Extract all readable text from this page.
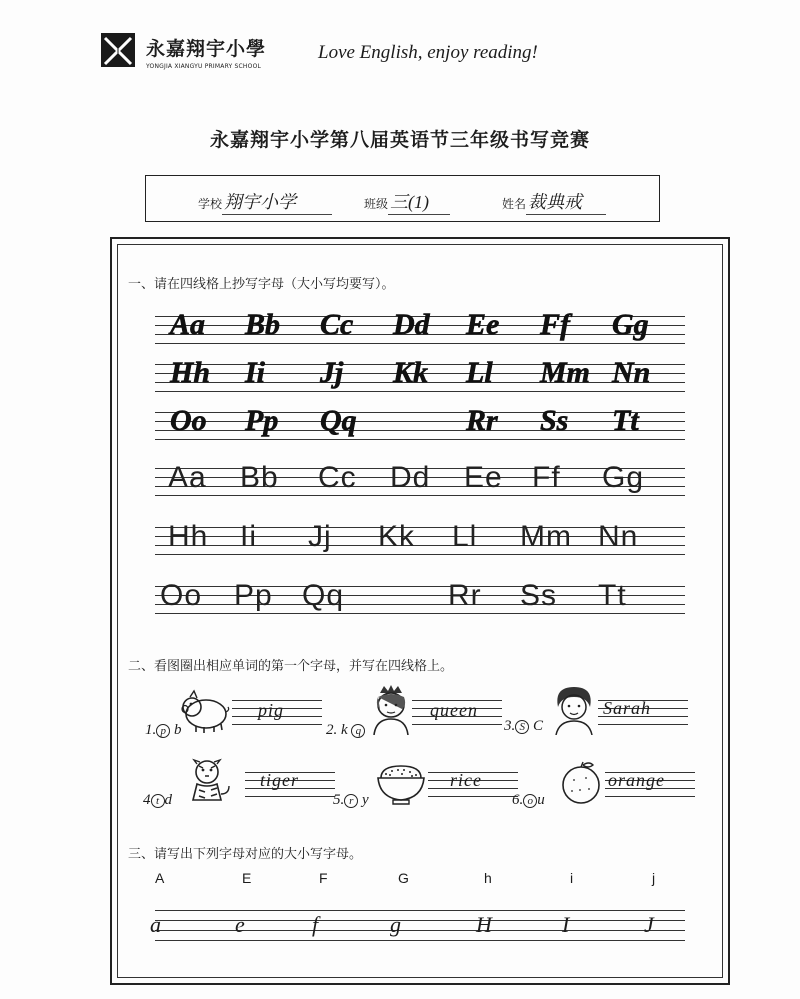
永嘉翔宇小學
YONGJIA XIANGYU PRIMARY SCHOOL
Love English, enjoy reading!
永嘉翔宇小学第八届英语节三年级书写竞赛
学校 翔宇小学	班级 三(1)	姓名 裁典戒
一、请在四线格上抄写字母（大小写均要写）。
Aa Bb Cc Dd Ee Ff Gg
Hh Ii Jj Kk Ll Mm Nn
Oo Pp Qq	Rr Ss Tt
Aa Bb Cc Dd Ee Ff Gg
Hh Ii Jj Kk Ll Mm Nn
Oo Pp Qq	Rr Ss Tt
二、看图圈出相应单词的第一个字母，并写在四线格上。
1. p b
pig
2. k q
queen
3. S C
Sarah
4 t d
tiger
5. r y
rice
6. o u
orange
三、请写出下列字母对应的大小写字母。
A	E	F	G	h	i	j
a	e	f	g	H	I	J
